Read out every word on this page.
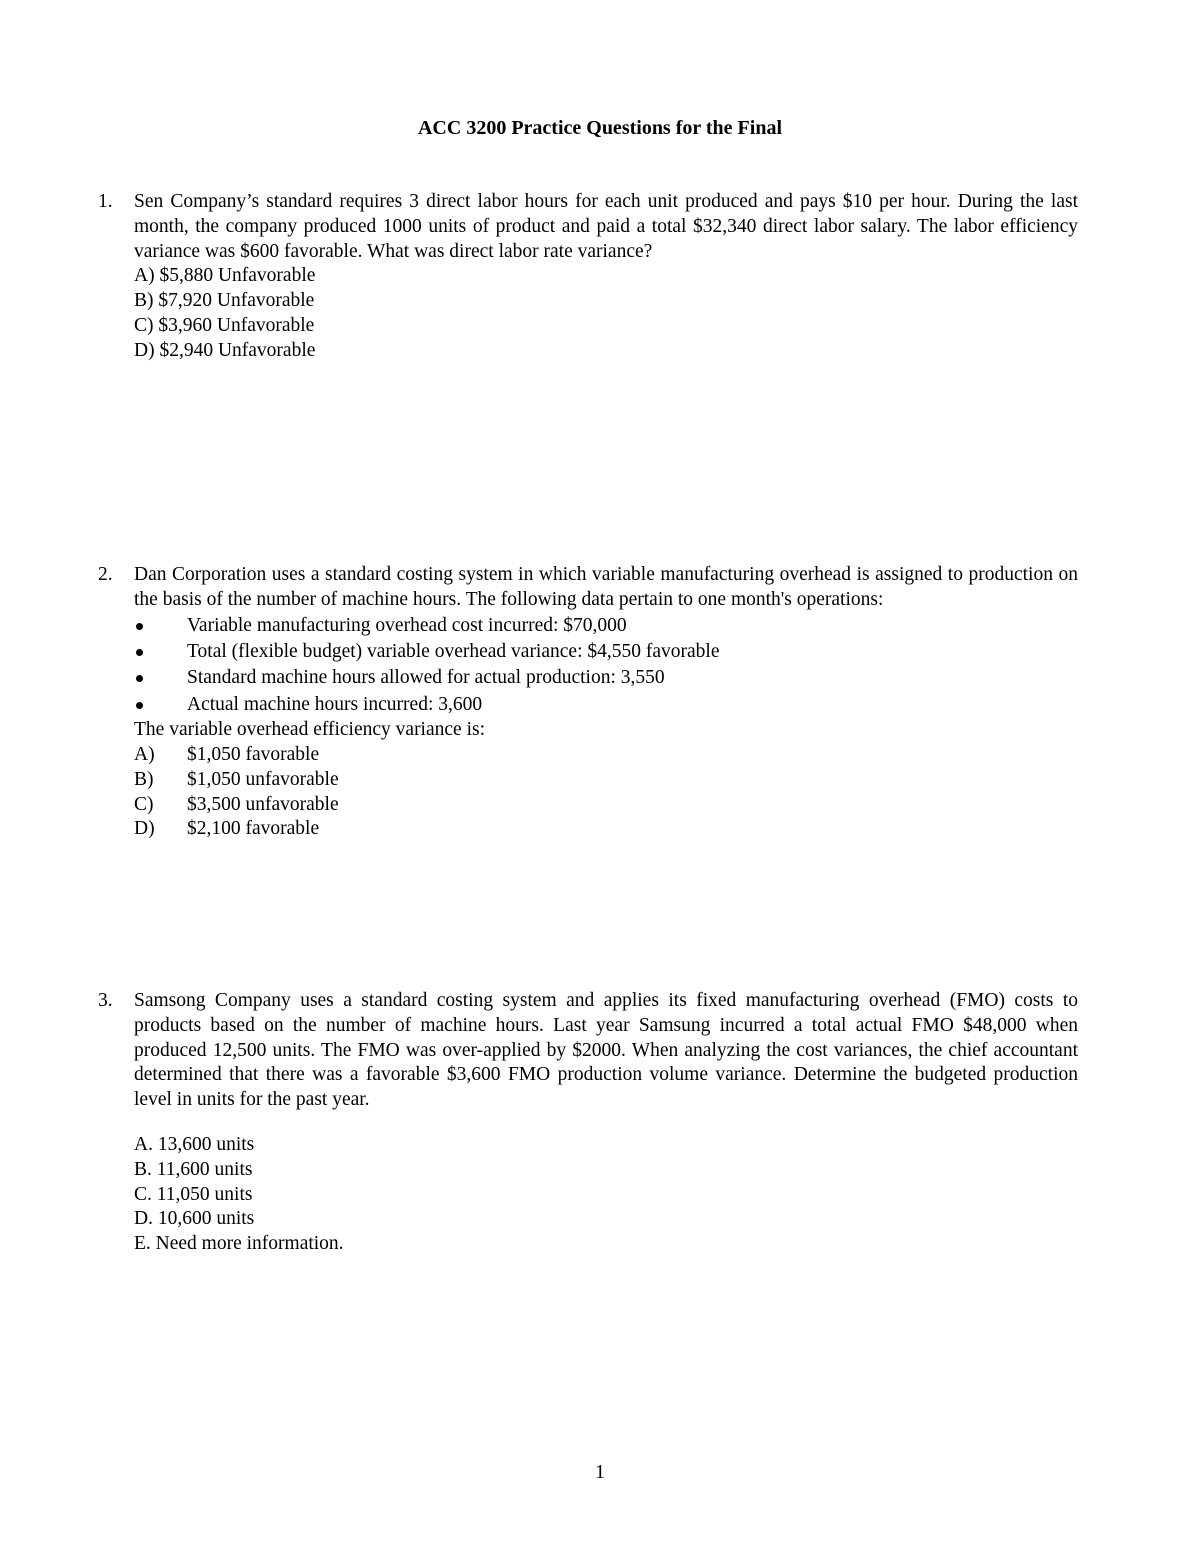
ACC 3200 Practice Questions for the Final
1.	Sen Company’s standard requires 3 direct labor hours for each unit produced and pays $10 per hour. During the last month, the company produced 1000 units of product and paid a total $32,340 direct labor salary. The labor efficiency variance was $600 favorable. What was direct labor rate variance?
A) $5,880 Unfavorable
B) $7,920 Unfavorable
C) $3,960 Unfavorable
D) $2,940 Unfavorable
2.	Dan Corporation uses a standard costing system in which variable manufacturing overhead is assigned to production on the basis of the number of machine hours. The following data pertain to one month's operations:
Variable manufacturing overhead cost incurred: $70,000
Total (flexible budget) variable overhead variance: $4,550 favorable
Standard machine hours allowed for actual production: 3,550
Actual machine hours incurred: 3,600
The variable overhead efficiency variance is:
A) $1,050 favorable
B) $1,050 unfavorable
C) $3,500 unfavorable
D) $2,100 favorable
3.	Samsong Company uses a standard costing system and applies its fixed manufacturing overhead (FMO) costs to products based on the number of machine hours. Last year Samsung incurred a total actual FMO $48,000 when produced 12,500 units. The FMO was over-applied by $2000. When analyzing the cost variances, the chief accountant determined that there was a favorable $3,600 FMO production volume variance. Determine the budgeted production level in units for the past year.
A. 13,600 units
B. 11,600 units
C. 11,050 units
D. 10,600 units
E. Need more information.
1
